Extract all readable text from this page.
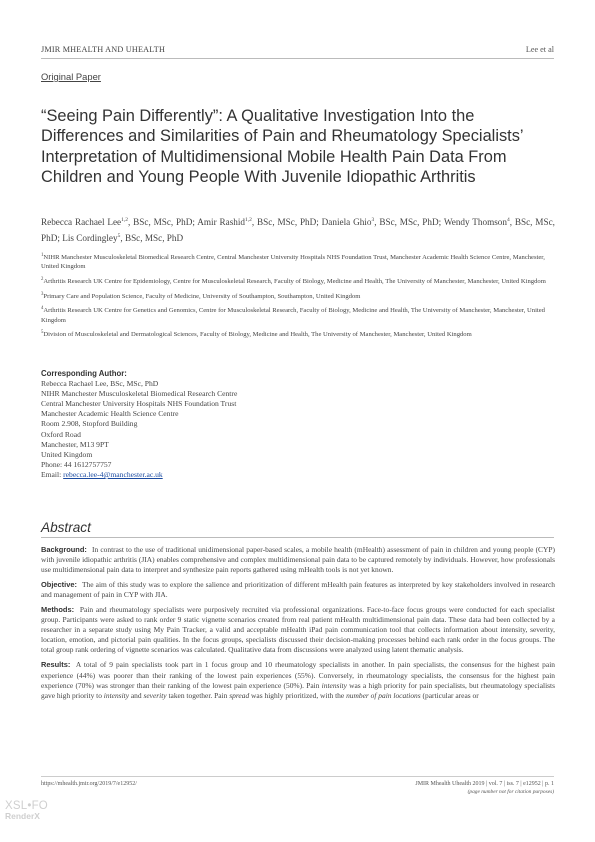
JMIR MHEALTH AND UHEALTH	Lee et al
Original Paper
“Seeing Pain Differently”: A Qualitative Investigation Into the
Differences and Similarities of Pain and Rheumatology Specialists’
Interpretation of Multidimensional Mobile Health Pain Data From
Children and Young People With Juvenile Idiopathic Arthritis
Rebecca Rachael Lee$^{1,2}$, BSc, MSc, PhD; Amir Rashid$^{1,2}$, BSc, MSc, PhD; Daniela Ghio$^3$, BSc, MSc, PhD; Wendy Thomson$^4$, BSc, MSc, PhD; Lis Cordingley$^5$, BSc, MSc, PhD
$^1$NIHR Manchester Musculoskeletal Biomedical Research Centre, Central Manchester University Hospitals NHS Foundation Trust, Manchester Academic Health Science Centre, Manchester, United Kingdom
$^2$Arthritis Research UK Centre for Epidemiology, Centre for Musculoskeletal Research, Faculty of Biology, Medicine and Health, The University of Manchester, Manchester, United Kingdom
$^3$Primary Care and Population Science, Faculty of Medicine, University of Southampton, Southampton, United Kingdom
$^4$Arthritis Research UK Centre for Genetics and Genomics, Centre for Musculoskeletal Research, Faculty of Biology, Medicine and Health, The University of Manchester, Manchester, United Kingdom
$^5$Division of Musculoskeletal and Dermatological Sciences, Faculty of Biology, Medicine and Health, The University of Manchester, Manchester, United Kingdom
Corresponding Author:
Rebecca Rachael Lee, BSc, MSc, PhD
NIHR Manchester Musculoskeletal Biomedical Research Centre
Central Manchester University Hospitals NHS Foundation Trust
Manchester Academic Health Science Centre
Room 2.908, Stopford Building
Oxford Road
Manchester, M13 9PT
United Kingdom
Phone: 44 1612757757
Email: rebecca.lee-4@manchester.ac.uk
Abstract

Background: In contrast to the use of traditional unidimensional paper-based scales, a mobile health (mHealth) assessment of pain in children and young people (CYP) with juvenile idiopathic arthritis (JIA) enables comprehensive and complex multidimensional pain data to be captured remotely by individuals. However, how professionals use multidimensional pain data to interpret and synthesize pain reports gathered using mHealth tools is not yet known.

Objective: The aim of this study was to explore the salience and prioritization of different mHealth pain features as interpreted by key stakeholders involved in research and management of pain in CYP with JIA.

Methods: Pain and rheumatology specialists were purposively recruited via professional organizations. Face-to-face focus groups were conducted for each specialist group. Participants were asked to rank order 9 static vignette scenarios created from real patient mHealth multidimensional pain data. These data had been collected by a researcher in a separate study using My Pain Tracker, a valid and acceptable mHealth iPad pain communication tool that collects information about intensity, severity, location, emotion, and pictorial pain qualities. In the focus groups, specialists discussed their decision-making processes behind each rank order in the focus groups. The total group rank ordering of vignette scenarios was calculated. Qualitative data from discussions were analyzed using latent thematic analysis.

Results: A total of 9 pain specialists took part in 1 focus group and 10 rheumatology specialists in another. In pain specialists, the consensus for the highest pain experience (44%) was poorer than their ranking of the lowest pain experiences (55%). Conversely, in rheumatology specialists, the consensus for the highest pain experience (70%) was stronger than their ranking of the lowest pain experience (50%). Pain intensity was a high priority for pain specialists, but rheumatology specialists gave high priority to intensity and severity taken together. Pain spread was highly prioritized, with the number of pain locations (particular areas or

https://mhealth.jmir.org/2019/7/e12952/	JMIR Mhealth Uhealth 2019 | vol. 7 | iss. 7 | e12952 | p. 1
(page number not for citation purposes)
XSL•FO
RenderX
